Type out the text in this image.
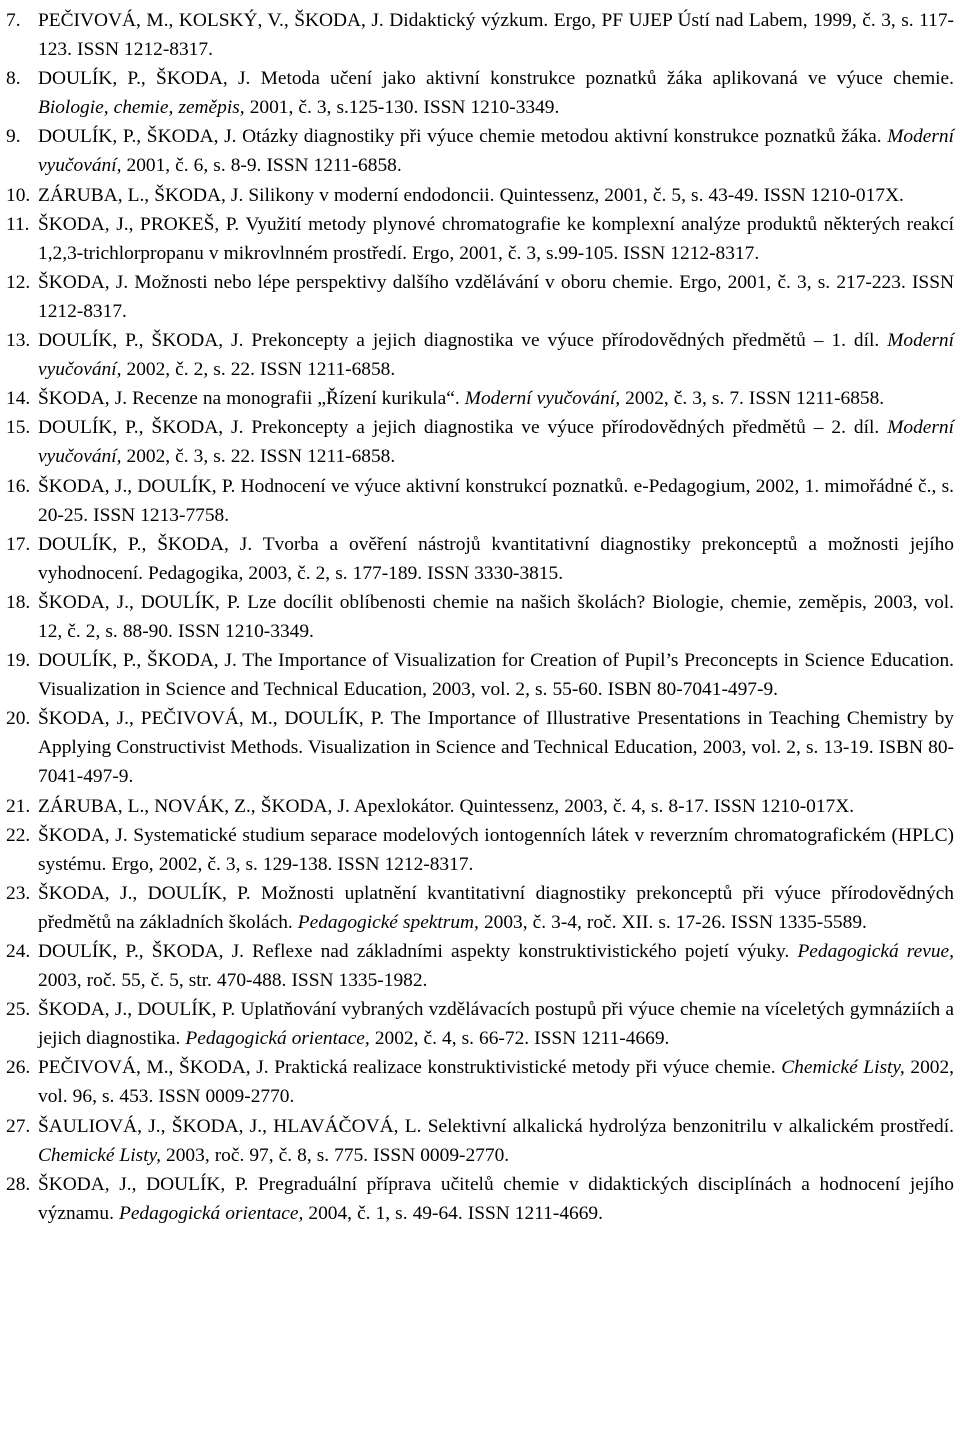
7. PEČIVOVÁ, M., KOLSKÝ, V., ŠKODA, J. Didaktický výzkum. Ergo, PF UJEP Ústí nad Labem, 1999, č. 3, s. 117-123. ISSN 1212-8317.
8. DOULÍK, P., ŠKODA, J. Metoda učení jako aktivní konstrukce poznatků žáka aplikovaná ve výuce chemie. Biologie, chemie, zeměpis, 2001, č. 3, s.125-130. ISSN 1210-3349.
9. DOULÍK, P., ŠKODA, J. Otázky diagnostiky při výuce chemie metodou aktivní konstrukce poznatků žáka. Moderní vyučování, 2001, č. 6, s. 8-9. ISSN 1211-6858.
10. ZÁRUBA, L., ŠKODA, J. Silikony v moderní endodoncii. Quintessenz, 2001, č. 5, s. 43-49. ISSN 1210-017X.
11. ŠKODA, J., PROKEŠ, P. Využití metody plynové chromatografie ke komplexní analýze produktů některých reakcí 1,2,3-trichlorpropanu v mikrovlnném prostředí. Ergo, 2001, č. 3, s.99-105. ISSN 1212-8317.
12. ŠKODA, J. Možnosti nebo lépe perspektivy dalšího vzdělávání v oboru chemie. Ergo, 2001, č. 3, s. 217-223. ISSN 1212-8317.
13. DOULÍK, P., ŠKODA, J. Prekoncepty a jejich diagnostika ve výuce přírodovědných předmětů – 1. díl. Moderní vyučování, 2002, č. 2, s. 22. ISSN 1211-6858.
14. ŠKODA, J. Recenze na monografii „Řízení kurikula“. Moderní vyučování, 2002, č. 3, s. 7. ISSN 1211-6858.
15. DOULÍK, P., ŠKODA, J. Prekoncepty a jejich diagnostika ve výuce přírodovědných předmětů – 2. díl. Moderní vyučování, 2002, č. 3, s. 22. ISSN 1211-6858.
16. ŠKODA, J., DOULÍK, P. Hodnocení ve výuce aktivní konstrukcí poznatků. e-Pedagogium, 2002, 1. mimořádné č., s. 20-25. ISSN 1213-7758.
17. DOULÍK, P., ŠKODA, J. Tvorba a ověření nástrojů kvantitativní diagnostiky prekonceptů a možnosti jejího vyhodnocení. Pedagogika, 2003, č. 2, s. 177-189. ISSN 3330-3815.
18. ŠKODA, J., DOULÍK, P. Lze docílit oblíbenosti chemie na našich školách? Biologie, chemie, zeměpis, 2003, vol. 12, č. 2, s. 88-90. ISSN 1210-3349.
19. DOULÍK, P., ŠKODA, J. The Importance of Visualization for Creation of Pupil’s Preconcepts in Science Education. Visualization in Science and Technical Education, 2003, vol. 2, s. 55-60. ISBN 80-7041-497-9.
20. ŠKODA, J., PEČIVOVÁ, M., DOULÍK, P. The Importance of Illustrative Presentations in Teaching Chemistry by Applying Constructivist Methods. Visualization in Science and Technical Education, 2003, vol. 2, s. 13-19. ISBN 80-7041-497-9.
21. ZÁRUBA, L., NOVÁK, Z., ŠKODA, J. Apexlokátor. Quintessenz, 2003, č. 4, s. 8-17. ISSN 1210-017X.
22. ŠKODA, J. Systematické studium separace modelových iontogenních látek v reverzním chromatografickém (HPLC) systému. Ergo, 2002, č. 3, s. 129-138. ISSN 1212-8317.
23. ŠKODA, J., DOULÍK, P. Možnosti uplatnění kvantitativní diagnostiky prekonceptů při výuce přírodovědných předmětů na základních školách. Pedagogické spektrum, 2003, č. 3-4, roč. XII. s. 17-26. ISSN 1335-5589.
24. DOULÍK, P., ŠKODA, J. Reflexe nad základními aspekty konstruktivistického pojetí výuky. Pedagogická revue, 2003, roč. 55, č. 5, str. 470-488. ISSN 1335-1982.
25. ŠKODA, J., DOULÍK, P. Uplatňování vybraných vzdělávacích postupů při výuce chemie na víceletých gymnáziích a jejich diagnostika. Pedagogická orientace, 2002, č. 4, s. 66-72. ISSN 1211-4669.
26. PEČIVOVÁ, M., ŠKODA, J. Praktická realizace konstruktivistické metody při výuce chemie. Chemické Listy, 2002, vol. 96, s. 453. ISSN 0009-2770.
27. ŠAULIOVÁ, J., ŠKODA, J., HLAVÁČOVÁ, L. Selektivní alkalická hydrolýza benzonitrilu v alkalickém prostředí. Chemické Listy, 2003, roč. 97, č. 8, s. 775. ISSN 0009-2770.
28. ŠKODA, J., DOULÍK, P. Pregraduální příprava učitelů chemie v didaktických disciplínách a hodnocení jejího významu. Pedagogická orientace, 2004, č. 1, s. 49-64. ISSN 1211-4669.
